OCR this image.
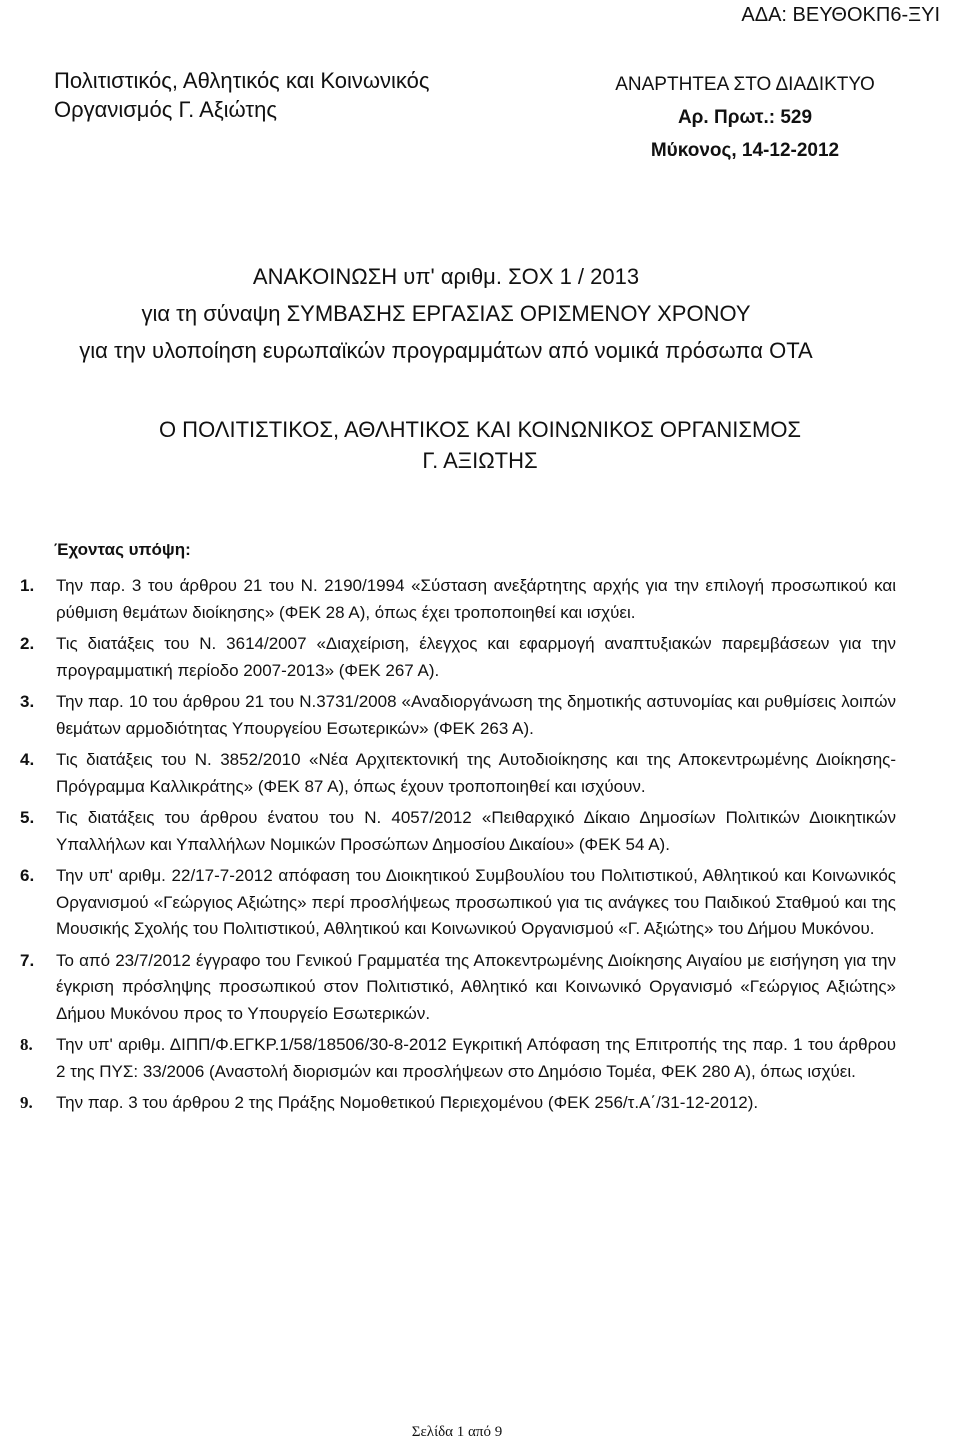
ΑΔΑ: ΒΕΥΘΟΚΠ6-ΞΥΙ
Πολιτιστικός, Αθλητικός και Κοινωνικός
Οργανισμός Γ. Αξιώτης
ΑΝΑΡΤΗΤΕΑ ΣΤΟ ΔΙΑΔΙΚΤΥΟ
Αρ. Πρωτ.: 529
Μύκονος, 14-12-2012
ΑΝΑΚΟΙΝΩΣΗ υπ' αριθμ. ΣΟΧ 1 / 2013
για τη σύναψη ΣΥΜΒΑΣΗΣ ΕΡΓΑΣΙΑΣ ΟΡΙΣΜΕΝΟΥ ΧΡΟΝΟΥ
για την υλοποίηση ευρωπαϊκών προγραμμάτων από νομικά πρόσωπα ΟΤΑ
Ο ΠΟΛΙΤΙΣΤΙΚΟΣ, ΑΘΛΗΤΙΚΟΣ ΚΑΙ ΚΟΙΝΩΝΙΚΟΣ ΟΡΓΑΝΙΣΜΟΣ
Γ. ΑΞΙΩΤΗΣ
Έχοντας υπόψη:
1.	Την παρ. 3 του άρθρου 21 του Ν. 2190/1994 «Σύσταση ανεξάρτητης αρχής για την επιλογή προσωπικού και ρύθμιση θεμάτων διοίκησης» (ΦΕΚ 28 Α), όπως έχει τροποποιηθεί και ισχύει.
2.	Τις διατάξεις του Ν. 3614/2007 «Διαχείριση, έλεγχος και εφαρμογή αναπτυξιακών παρεμβάσεων για την προγραμματική περίοδο 2007-2013» (ΦΕΚ 267 Α).
3.	Την παρ. 10 του άρθρου 21 του Ν.3731/2008 «Αναδιοργάνωση της δημοτικής αστυνομίας και ρυθμίσεις λοιπών θεμάτων αρμοδιότητας Υπουργείου Εσωτερικών» (ΦΕΚ 263 Α).
4.	Τις διατάξεις του Ν. 3852/2010 «Νέα Αρχιτεκτονική της Αυτοδιοίκησης και της Αποκεντρωμένης Διοίκησης- Πρόγραμμα Καλλικράτης» (ΦΕΚ 87 Α), όπως έχουν τροποποιηθεί και ισχύουν.
5.	Τις διατάξεις του άρθρου ένατου του Ν. 4057/2012 «Πειθαρχικό Δίκαιο Δημοσίων Πολιτικών Διοικητικών Υπαλλήλων και Υπαλλήλων Νομικών Προσώπων Δημοσίου Δικαίου» (ΦΕΚ 54 Α).
6.	Την υπ' αριθμ. 22/17-7-2012 απόφαση του Διοικητικού Συμβουλίου του Πολιτιστικού, Αθλητικού και Κοινωνικός Οργανισμού «Γεώργιος Αξιώτης» περί προσλήψεως προσωπικού για τις ανάγκες του Παιδικού Σταθμού και της Μουσικής Σχολής του Πολιτιστικού, Αθλητικού και Κοινωνικού Οργανισμού «Γ. Αξιώτης» του Δήμου Μυκόνου.
7.	Το από 23/7/2012 έγγραφο του Γενικού Γραμματέα της Αποκεντρωμένης Διοίκησης Αιγαίου με εισήγηση για την έγκριση πρόσληψης προσωπικού στον Πολιτιστικό, Αθλητικό και Κοινωνικό Οργανισμό «Γεώργιος Αξιώτης» Δήμου Μυκόνου προς το Υπουργείο Εσωτερικών.
8.	Την υπ' αριθμ. ΔΙΠΠ/Φ.ΕΓΚΡ.1/58/18506/30-8-2012 Εγκριτική Απόφαση της Επιτροπής της παρ. 1 του άρθρου 2 της ΠΥΣ: 33/2006 (Αναστολή διορισμών και προσλήψεων στο Δημόσιο Τομέα, ΦΕΚ 280 Α), όπως ισχύει.
9.	Την παρ. 3 του άρθρου 2 της Πράξης Νομοθετικού Περιεχομένου (ΦΕΚ 256/τ.Α΄/31-12-2012).
Σελίδα 1 από 9
